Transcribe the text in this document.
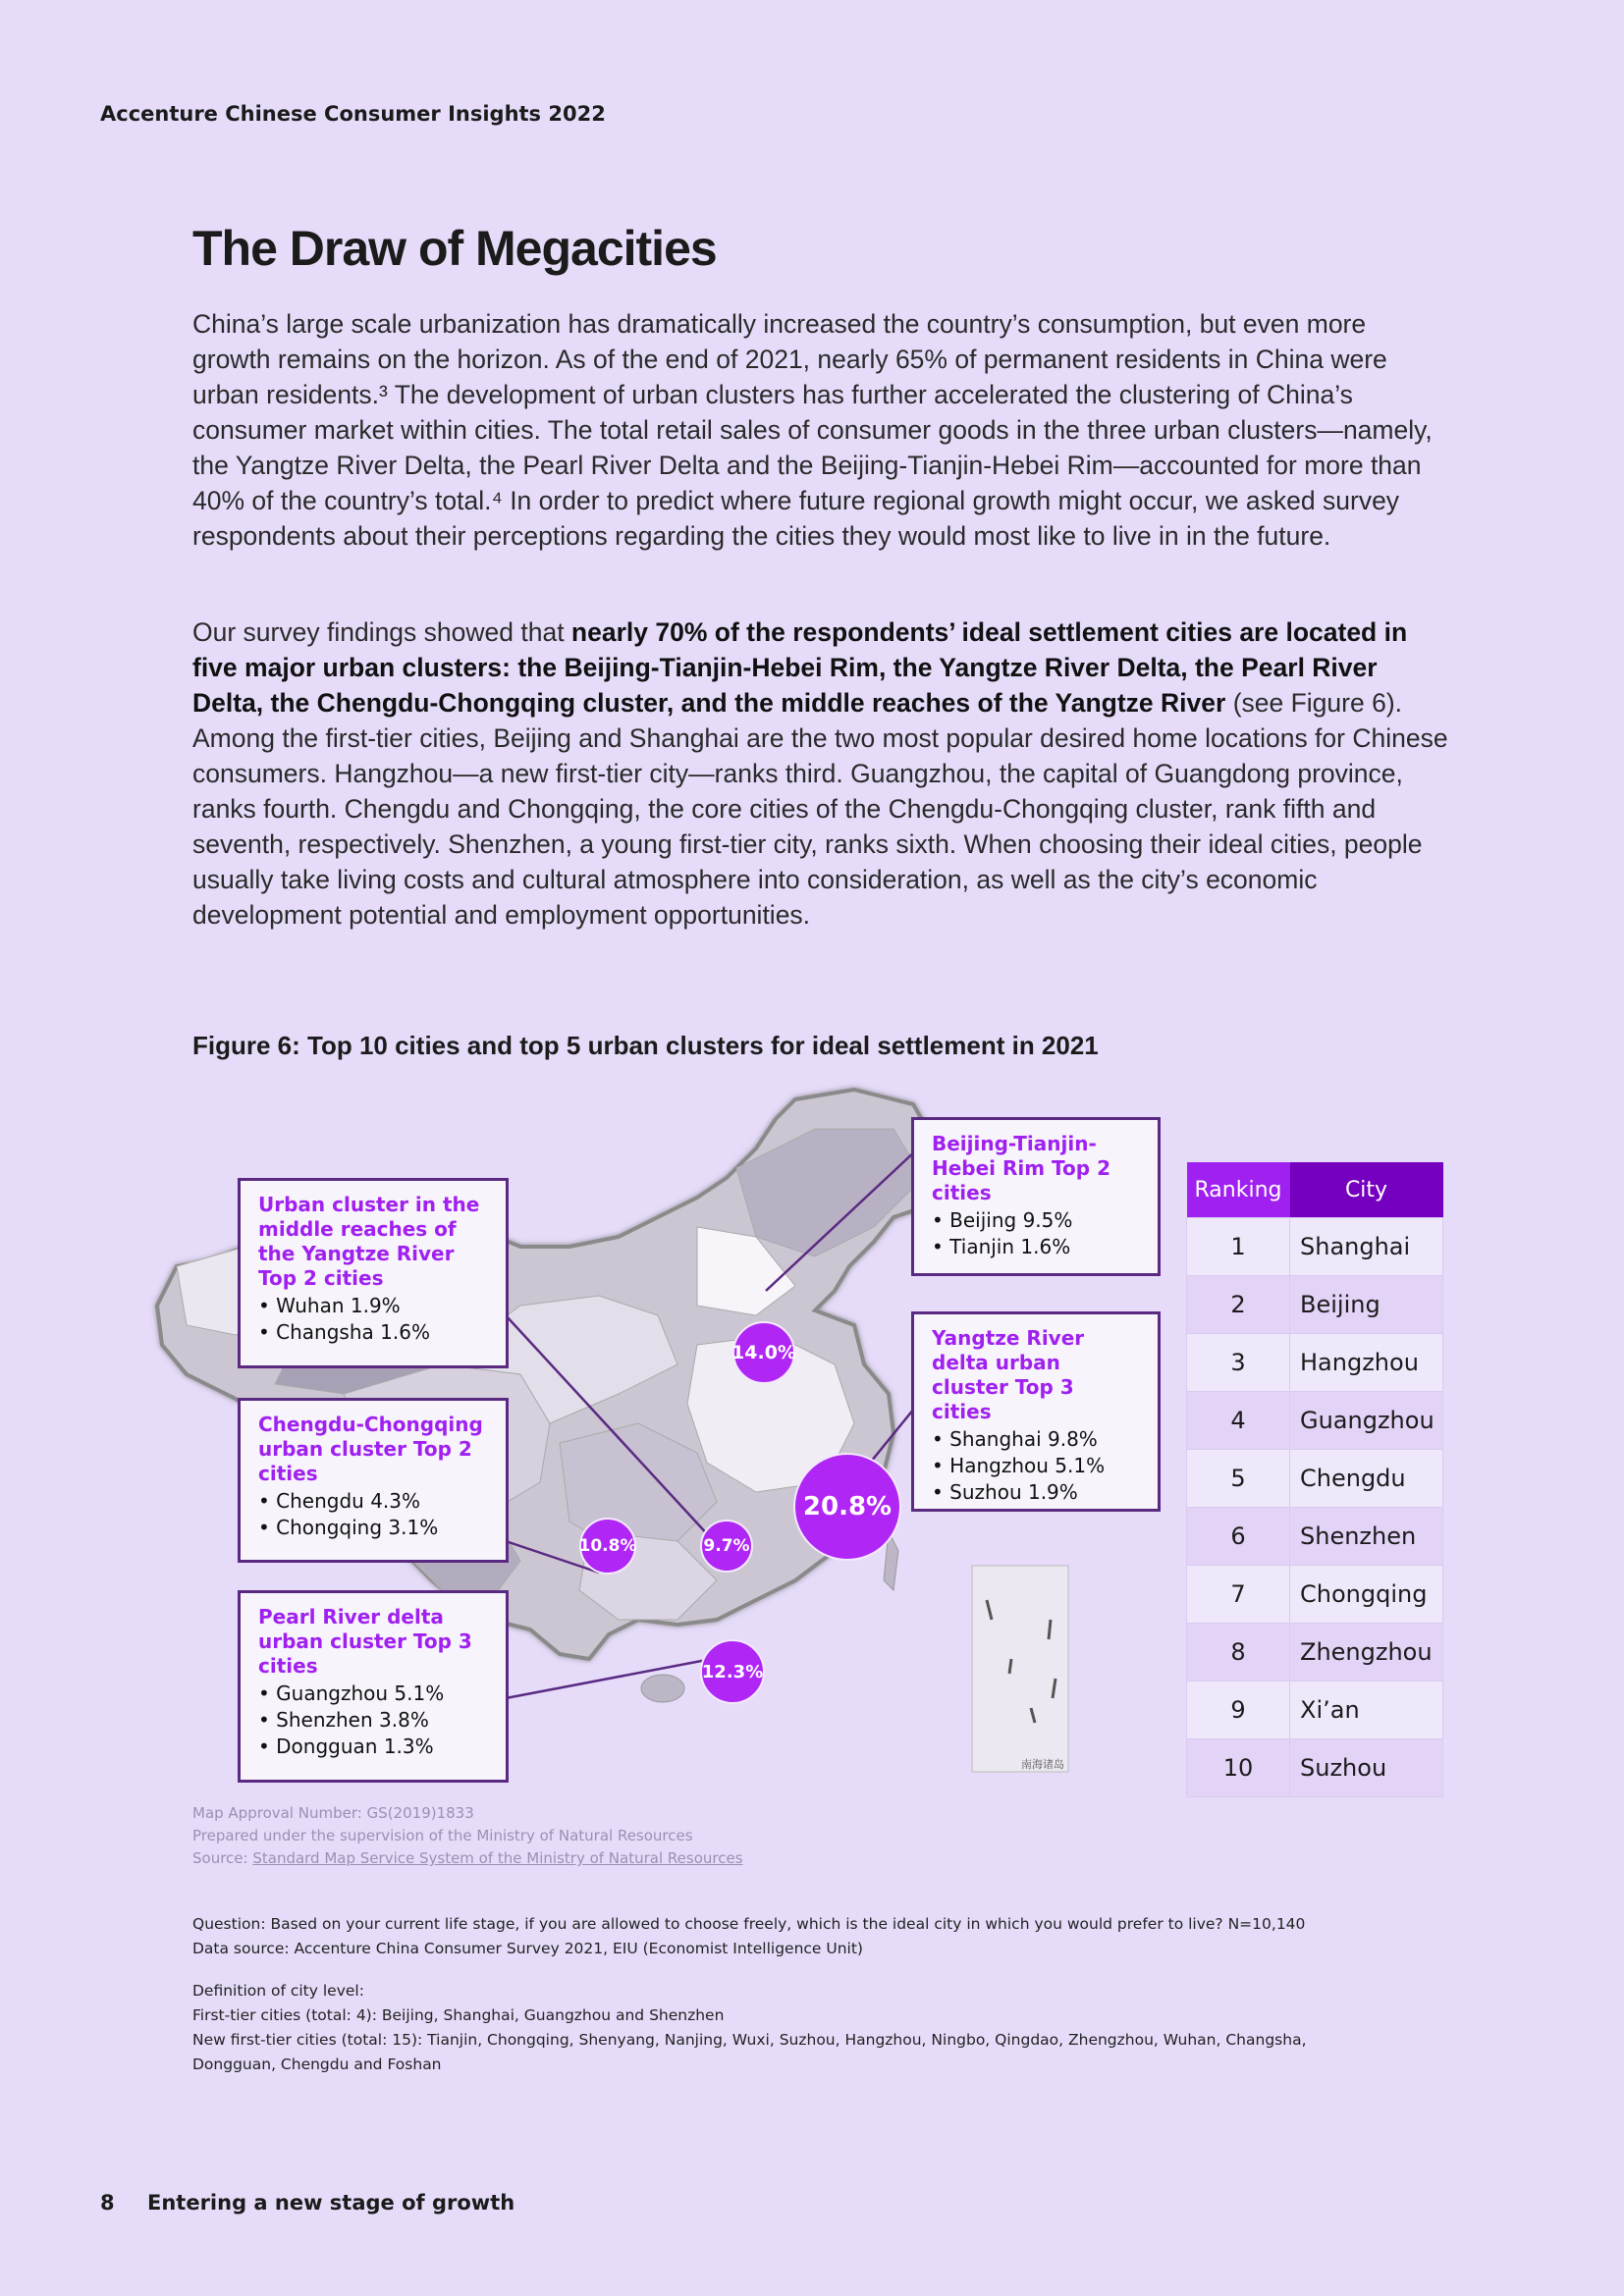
Accenture Chinese Consumer Insights 2022
The Draw of Megacities

China’s large scale urbanization has dramatically increased the country’s consumption, but even more growth remains on the horizon. As of the end of 2021, nearly 65% of permanent residents in China were urban residents.³ The development of urban clusters has further accelerated the clustering of China’s consumer market within cities. The total retail sales of consumer goods in the three urban clusters—namely, the Yangtze River Delta, the Pearl River Delta and the Beijing-Tianjin-Hebei Rim—accounted for more than 40% of the country’s total.⁴ In order to predict where future regional growth might occur, we asked survey respondents about their perceptions regarding the cities they would most like to live in in the future.

Our survey findings showed that nearly 70% of the respondents’ ideal settlement cities are located in five major urban clusters: the Beijing-Tianjin-Hebei Rim, the Yangtze River Delta, the Pearl River Delta, the Chengdu-Chongqing cluster, and the middle reaches of the Yangtze River (see Figure 6). Among the first-tier cities, Beijing and Shanghai are the two most popular desired home locations for Chinese consumers. Hangzhou—a new first-tier city—ranks third. Guangzhou, the capital of Guangdong province, ranks fourth. Chengdu and Chongqing, the core cities of the Chengdu-Chongqing cluster, rank fifth and seventh, respectively. Shenzhen, a young first-tier city, ranks sixth. When choosing their ideal cities, people usually take living costs and cultural atmosphere into consideration, as well as the city’s economic development potential and employment opportunities.

Figure 6: Top 10 cities and top 5 urban clusters for ideal settlement in 2021
南海诸岛
14.0%
20.8%
10.8%	9.7%
12.3%
Urban cluster in the middle reaches of the Yangtze River Top 2 cities
• Wuhan 1.9%
• Changsha 1.6%
Chengdu-Chongqing urban cluster Top 2 cities
• Chengdu 4.3%
• Chongqing 3.1%
Pearl River delta urban cluster Top 3 cities
• Guangzhou 5.1%
• Shenzhen 3.8%
• Dongguan 1.3%
Beijing-Tianjin-Hebei Rim Top 2 cities
• Beijing 9.5%
• Tianjin 1.6%
Yangtze River delta urban cluster Top 3 cities
• Shanghai 9.8%
• Hangzhou 5.1%
• Suzhou 1.9%
Ranking	City
1	Shanghai
2	Beijing
3	Hangzhou
4	Guangzhou
5	Chengdu
6	Shenzhen
7	Chongqing
8	Zhengzhou
9	Xi’an
10	Suzhou
Map Approval Number: GS(2019)1833
Prepared under the supervision of the Ministry of Natural Resources
Source: Standard Map Service System of the Ministry of Natural Resources
Question: Based on your current life stage, if you are allowed to choose freely, which is the ideal city in which you would prefer to live? N=10,140
Data source: Accenture China Consumer Survey 2021, EIU (Economist Intelligence Unit)
Definition of city level:
First-tier cities (total: 4): Beijing, Shanghai, Guangzhou and Shenzhen
New first-tier cities (total: 15): Tianjin, Chongqing, Shenyang, Nanjing, Wuxi, Suzhou, Hangzhou, Ningbo, Qingdao, Zhengzhou, Wuhan, Changsha, Dongguan, Chengdu and Foshan
8 Entering a new stage of growth
